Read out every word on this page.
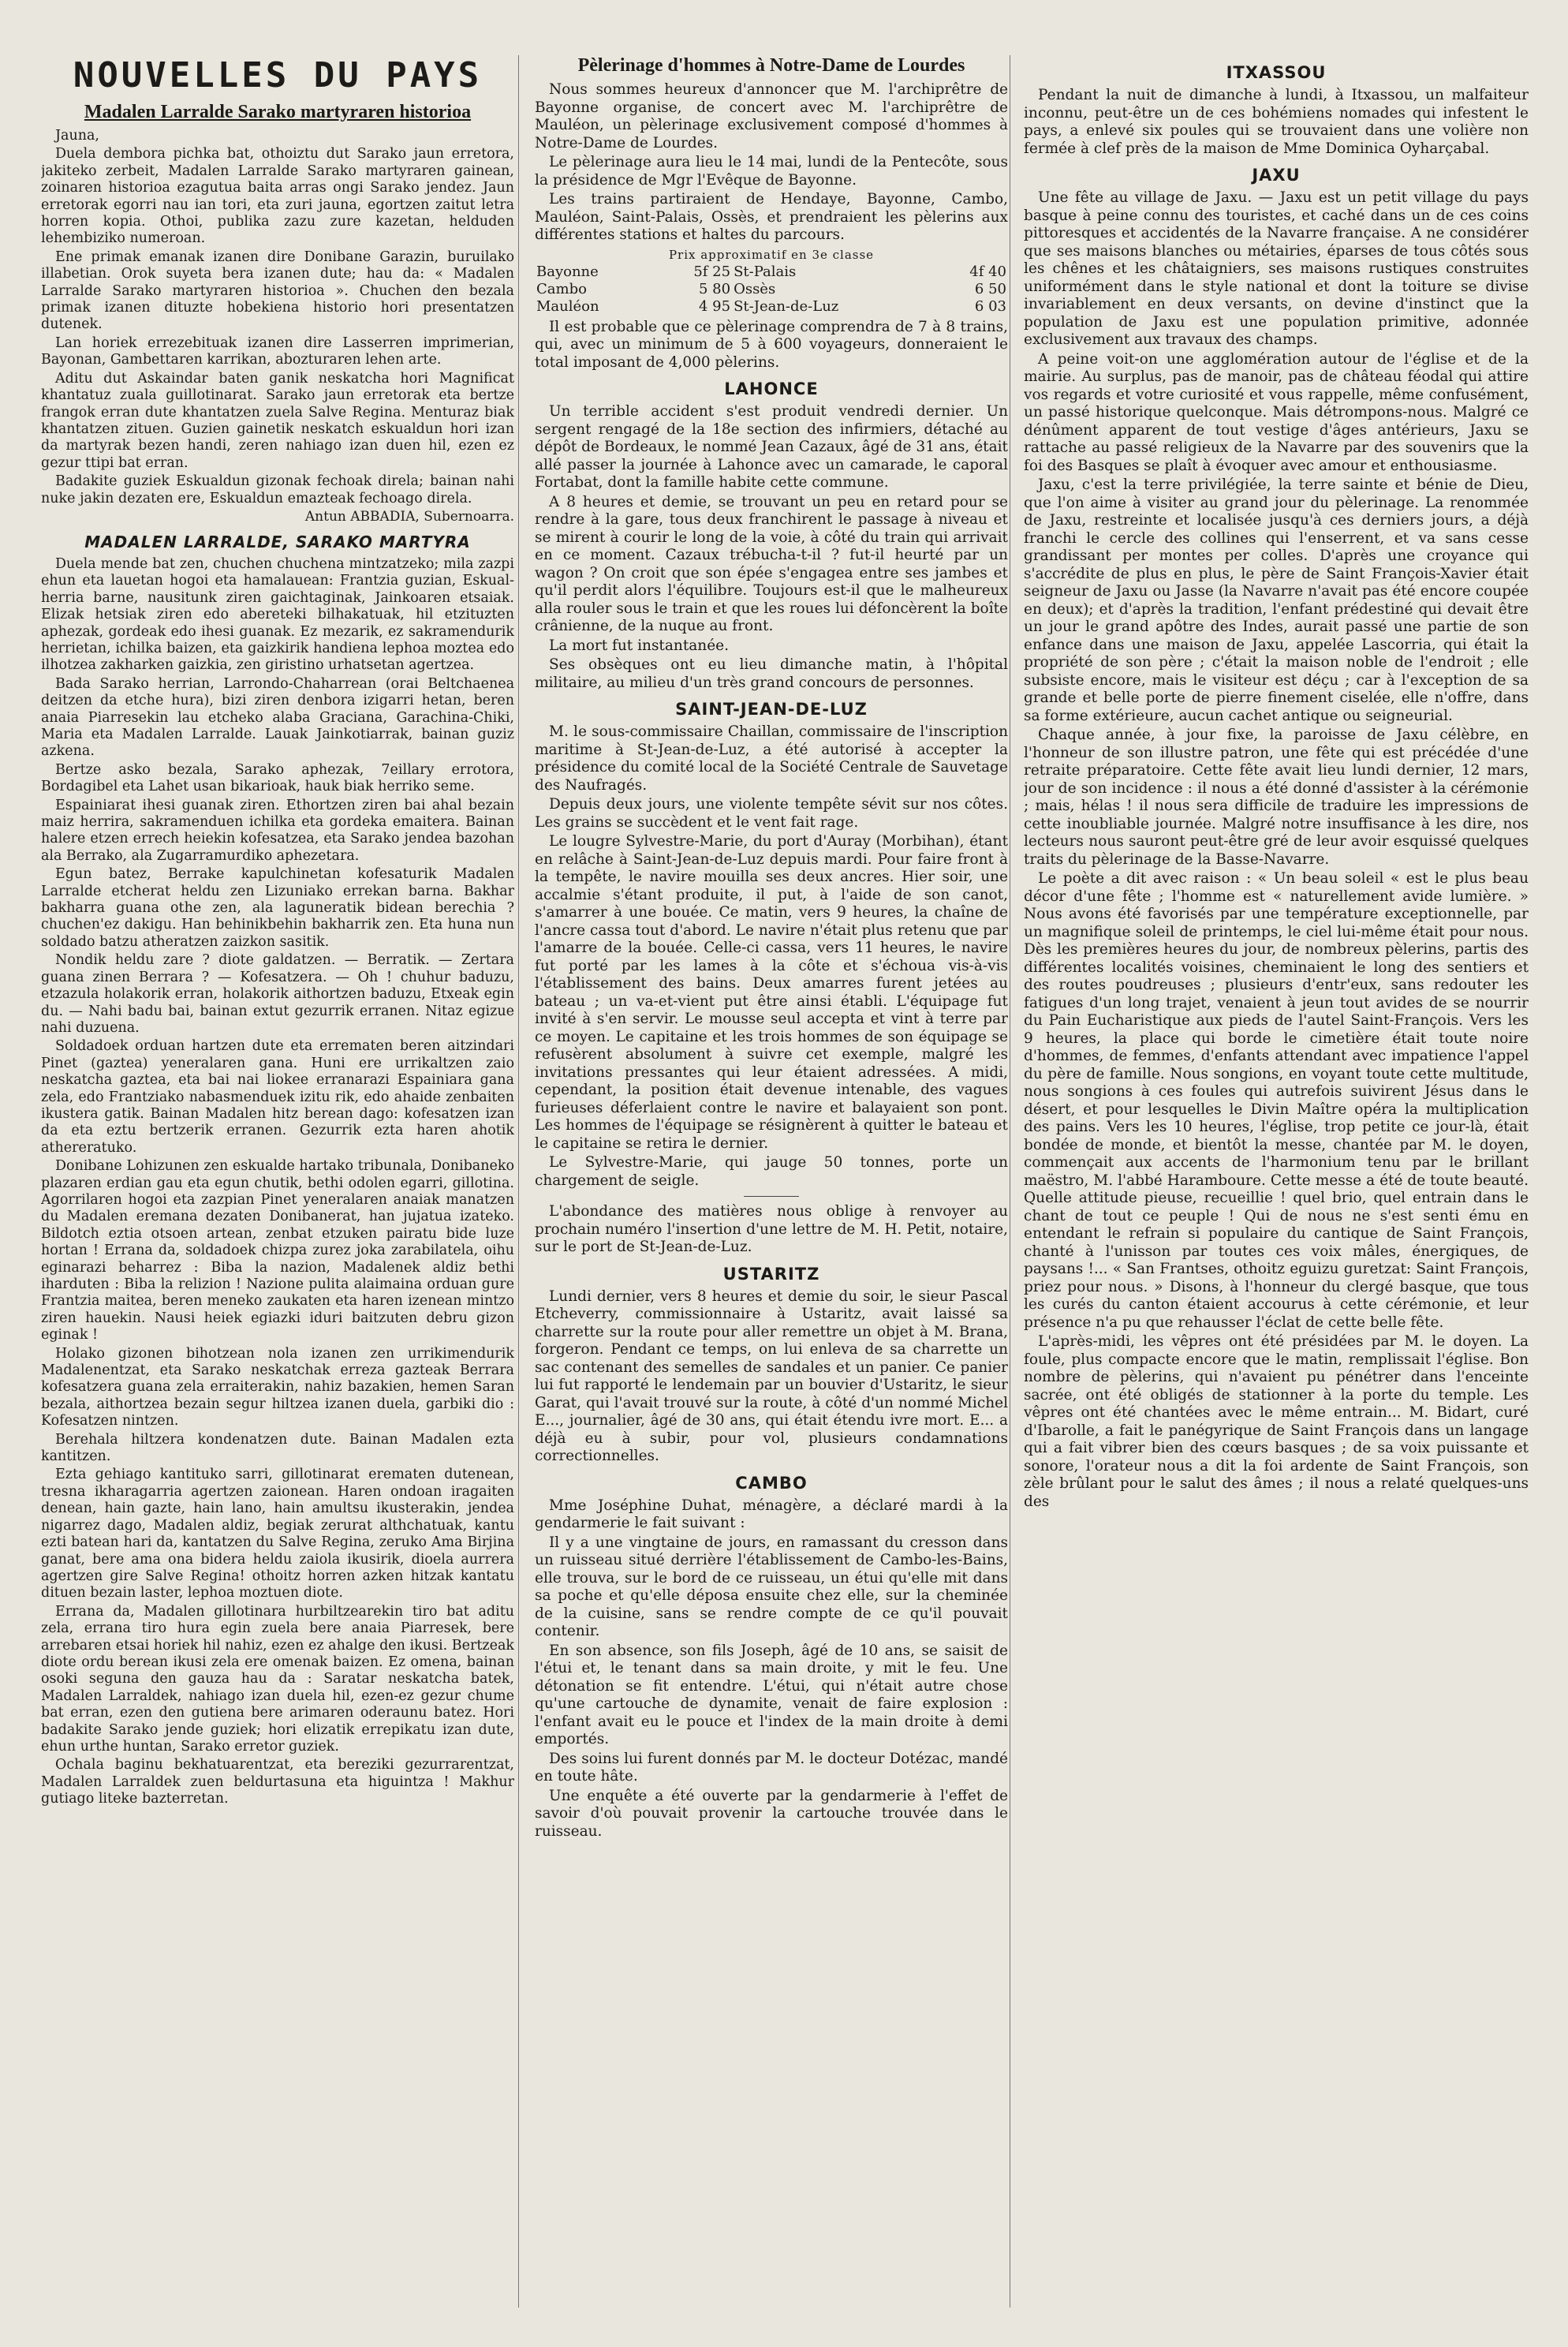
NOUVELLES DU PAYS
Madalen Larralde Sarako martyraren historioa

Jauna,

Duela dembora pichka bat, othoiztu dut Sarako jaun erretora, jakiteko zerbeit, Madalen Larralde Sarako martyraren gainean, zoinaren historioa ezagutua baita arras ongi Sarako jendez. Jaun erretorak egorri nau ian tori, eta zuri jauna, egortzen zaitut letra horren kopia. Othoi, publika zazu zure kazetan, helduden lehembiziko numeroan.

Ene primak emanak izanen dire Donibane Garazin, buruilako illabetian. Orok suyeta bera izanen dute; hau da: « Madalen Larralde Sarako martyraren historioa ». Chuchen den bezala primak izanen dituzte hobekiena historio hori presentatzen dutenek.

Lan horiek errezebituak izanen dire Lasserren imprimerian, Bayonan, Gambettaren karrikan, abozturaren lehen arte.

Aditu dut Askaindar baten ganik neskatcha hori Magnificat khantatuz zuala guillotinarat. Sarako jaun erretorak eta bertze frangok erran dute khantatzen zuela Salve Regina. Menturaz biak khantatzen zituen. Guzien gainetik neskatch eskualdun hori izan da martyrak bezen handi, zeren nahiago izan duen hil, ezen ez gezur ttipi bat erran.

Badakite guziek Eskualdun gizonak fechoak direla; bainan nahi nuke jakin dezaten ere, Eskualdun emazteak fechoago direla.

Antun ABBADIA, Subernoarra.
MADALEN LARRALDE, SARAKO MARTYRA

Duela mende bat zen, chuchen chuchena mintzatzeko; mila zazpi ehun eta lauetan hogoi eta hamalauean: Frantzia guzian, Eskual-herria barne, nausitunk ziren gaichtaginak, Jainkoaren etsaiak. Elizak hetsiak ziren edo abereteki bilhakatuak, hil etzituzten aphezak, gordeak edo ihesi guanak. Ez mezarik, ez sakramendurik herrietan, ichilka baizen, eta gaizkirik handiena lephoa moztea edo ilhotzea zakharken gaizkia, zen giristino urhatsetan agertzea.

Bada Sarako herrian, Larrondo-Chaharrean (orai Beltchaenea deitzen da etche hura), bizi ziren denbora izigarri hetan, beren anaia Piarresekin lau etcheko alaba Graciana, Garachina-Chiki, Maria eta Madalen Larralde. Lauak Jainkotiarrak, bainan guziz azkena.

Bertze asko bezala, Sarako aphezak, 7eillary errotora, Bordagibel eta Lahet usan bikarioak, hauk biak herriko seme.

Espainiarat ihesi guanak ziren. Ethortzen ziren bai ahal bezain maiz herrira, sakramenduen ichilka eta gordeka emaitera. Bainan halere etzen errech heiekin kofesatzea, eta Sarako jendea bazohan ala Berrako, ala Zugarramurdiko aphezetara.

Egun batez, Berrake kapulchinetan kofesaturik Madalen Larralde etcherat heldu zen Lizuniako errekan barna. Bakhar bakharra guana othe zen, ala laguneratik bidean berechia ? chuchen'ez dakigu. Han behinikbehin bakharrik zen. Eta huna nun soldado batzu atheratzen zaizkon sasitik.

Nondik heldu zare ? diote galdatzen. — Berratik. — Zertara guana zinen Berrara ? — Kofesatzera. — Oh ! chuhur baduzu, etzazula holakorik erran, holakorik aithortzen baduzu, Etxeak egin du. — Nahi badu bai, bainan extut gezurrik erranen. Nitaz egizue nahi duzuena.

Soldadoek orduan hartzen dute eta errematen beren aitzindari Pinet (gaztea) yeneralaren gana. Huni ere urrikaltzen zaio neskatcha gaztea, eta bai nai liokee erranarazi Espainiara gana zela, edo Frantziako nabasmenduek izitu rik, edo ahaide zenbaiten ikustera gatik. Bainan Madalen hitz berean dago: kofesatzen izan da eta eztu bertzerik erranen. Gezurrik ezta haren ahotik athereratuko.

Donibane Lohizunen zen eskualde hartako tribunala, Donibaneko plazaren erdian gau eta egun chutik, bethi odolen egarri, gillotina. Agorrilaren hogoi eta zazpian Pinet yeneralaren anaiak manatzen du Madalen eremana dezaten Donibanerat, han jujatua izateko. Bildotch eztia otsoen artean, zenbat etzuken pairatu bide luze hortan ! Errana da, soldadoek chizpa zurez joka zarabilatela, oihu eginarazi beharrez : Biba la nazion, Madalenek aldiz bethi iharduten : Biba la relizion ! Nazione pulita alaimaina orduan gure Frantzia maitea, beren meneko zaukaten eta haren izenean mintzo ziren hauekin. Nausi heiek egiazki iduri baitzuten debru gizon eginak !

Holako gizonen bihotzean nola izanen zen urrikimendurik Madalenentzat, eta Sarako neskatchak erreza gazteak Berrara kofesatzera guana zela erraiterakin, nahiz bazakien, hemen Saran bezala, aithortzea bezain segur hiltzea izanen duela, garbiki dio : Kofesatzen nintzen.

Berehala hiltzera kondenatzen dute. Bainan Madalen ezta kantitzen.

Ezta gehiago kantituko sarri, gillotinarat erematen dutenean, tresna ikharagarria agertzen zaionean. Haren ondoan iragaiten denean, hain gazte, hain lano, hain amultsu ikusterakin, jendea nigarrez dago, Madalen aldiz, begiak zerurat althchatuak, kantu ezti batean hari da, kantatzen du Salve Regina, zeruko Ama Birjina ganat, bere ama ona bidera heldu zaiola ikusirik, dioela aurrera agertzen gire Salve Regina! othoitz horren azken hitzak kantatu dituen bezain laster, lephoa moztuen diote.

Errana da, Madalen gillotinara hurbiltzearekin tiro bat aditu zela, errana tiro hura egin zuela bere anaia Piarresek, bere arrebaren etsai horiek hil nahiz, ezen ez ahalge den ikusi. Bertzeak diote ordu berean ikusi zela ere omenak baizen. Ez omena, bainan osoki seguna den gauza hau da : Saratar neskatcha batek, Madalen Larraldek, nahiago izan duela hil, ezen-ez gezur chume bat erran, ezen den gutiena bere arimaren oderaunu batez. Hori badakite Sarako jende guziek; hori elizatik errepikatu izan dute, ehun urthe huntan, Sarako erretor guziek.

Ochala baginu bekhatuarentzat, eta bereziki gezurrarentzat, Madalen Larraldek zuen beldurtasuna eta higuintza ! Makhur gutiago liteke bazterretan.

Pèlerinage d'hommes à Notre-Dame de Lourdes

Nous sommes heureux d'annoncer que M. l'archiprêtre de Bayonne organise, de concert avec M. l'archiprêtre de Mauléon, un pèlerinage exclusivement composé d'hommes à Notre-Dame de Lourdes.

Le pèlerinage aura lieu le 14 mai, lundi de la Pentecôte, sous la présidence de Mgr l'Evêque de Bayonne.

Les trains partiraient de Hendaye, Bayonne, Cambo, Mauléon, Saint-Palais, Ossès, et prendraient les pèlerins aux différentes stations et haltes du parcours.

Prix approximatif en 3e classe
Bayonne	5f 25	St-Palais	4f 40
Cambo	5 80	Ossès	6 50
Mauléon	4 95	St-Jean-de-Luz	6 03

Il est probable que ce pèlerinage comprendra de 7 à 8 trains, qui, avec un minimum de 5 à 600 voyageurs, donneraient le total imposant de 4,000 pèlerins.

LAHONCE

Un terrible accident s'est produit vendredi dernier. Un sergent rengagé de la 18e section des infirmiers, détaché au dépôt de Bordeaux, le nommé Jean Cazaux, âgé de 31 ans, était allé passer la journée à Lahonce avec un camarade, le caporal Fortabat, dont la famille habite cette commune.

A 8 heures et demie, se trouvant un peu en retard pour se rendre à la gare, tous deux franchirent le passage à niveau et se mirent à courir le long de la voie, à côté du train qui arrivait en ce moment. Cazaux trébucha-t-il ? fut-il heurté par un wagon ? On croit que son épée s'engagea entre ses jambes et qu'il perdit alors l'équilibre. Toujours est-il que le malheureux alla rouler sous le train et que les roues lui défoncèrent la boîte crânienne, de la nuque au front.

La mort fut instantanée.

Ses obsèques ont eu lieu dimanche matin, à l'hôpital militaire, au milieu d'un très grand concours de personnes.

SAINT-JEAN-DE-LUZ

M. le sous-commissaire Chaillan, commissaire de l'inscription maritime à St-Jean-de-Luz, a été autorisé à accepter la présidence du comité local de la Société Centrale de Sauvetage des Naufragés.

Depuis deux jours, une violente tempête sévit sur nos côtes. Les grains se succèdent et le vent fait rage.

Le lougre Sylvestre-Marie, du port d'Auray (Morbihan), étant en relâche à Saint-Jean-de-Luz depuis mardi. Pour faire front à la tempête, le navire mouilla ses deux ancres. Hier soir, une accalmie s'étant produite, il put, à l'aide de son canot, s'amarrer à une bouée. Ce matin, vers 9 heures, la chaîne de l'ancre cassa tout d'abord. Le navire n'était plus retenu que par l'amarre de la bouée. Celle-ci cassa, vers 11 heures, le navire fut porté par les lames à la côte et s'échoua vis-à-vis l'établissement des bains. Deux amarres furent jetées au bateau ; un va-et-vient put être ainsi établi. L'équipage fut invité à s'en servir. Le mousse seul accepta et vint à terre par ce moyen. Le capitaine et les trois hommes de son équipage se refusèrent absolument à suivre cet exemple, malgré les invitations pressantes qui leur étaient adressées. A midi, cependant, la position était devenue intenable, des vagues furieuses déferlaient contre le navire et balayaient son pont. Les hommes de l'équipage se résignèrent à quitter le bateau et le capitaine se retira le dernier.

Le Sylvestre-Marie, qui jauge 50 tonnes, porte un chargement de seigle.

L'abondance des matières nous oblige à renvoyer au prochain numéro l'insertion d'une lettre de M. H. Petit, notaire, sur le port de St-Jean-de-Luz.

USTARITZ

Lundi dernier, vers 8 heures et demie du soir, le sieur Pascal Etcheverry, commissionnaire à Ustaritz, avait laissé sa charrette sur la route pour aller remettre un objet à M. Brana, forgeron. Pendant ce temps, on lui enleva de sa charrette un sac contenant des semelles de sandales et un panier. Ce panier lui fut rapporté le lendemain par un bouvier d'Ustaritz, le sieur Garat, qui l'avait trouvé sur la route, à côté d'un nommé Michel E..., journalier, âgé de 30 ans, qui était étendu ivre mort. E... a déjà eu à subir, pour vol, plusieurs condamnations correctionnelles.

CAMBO

Mme Joséphine Duhat, ménagère, a déclaré mardi à la gendarmerie le fait suivant :

Il y a une vingtaine de jours, en ramassant du cresson dans un ruisseau situé derrière l'établissement de Cambo-les-Bains, elle trouva, sur le bord de ce ruisseau, un étui qu'elle mit dans sa poche et qu'elle déposa ensuite chez elle, sur la cheminée de la cuisine, sans se rendre compte de ce qu'il pouvait contenir.

En son absence, son fils Joseph, âgé de 10 ans, se saisit de l'étui et, le tenant dans sa main droite, y mit le feu. Une détonation se fit entendre. L'étui, qui n'était autre chose qu'une cartouche de dynamite, venait de faire explosion : l'enfant avait eu le pouce et l'index de la main droite à demi emportés.

Des soins lui furent donnés par M. le docteur Dotézac, mandé en toute hâte.

Une enquête a été ouverte par la gendarmerie à l'effet de savoir d'où pouvait provenir la cartouche trouvée dans le ruisseau.

ITXASSOU

Pendant la nuit de dimanche à lundi, à Itxassou, un malfaiteur inconnu, peut-être un de ces bohémiens nomades qui infestent le pays, a enlevé six poules qui se trouvaient dans une volière non fermée à clef près de la maison de Mme Dominica Oyharçabal.

JAXU

Une fête au village de Jaxu. — Jaxu est un petit village du pays basque à peine connu des touristes, et caché dans un de ces coins pittoresques et accidentés de la Navarre française. A ne considérer que ses maisons blanches ou métairies, éparses de tous côtés sous les chênes et les châtaigniers, ses maisons rustiques construites uniformément dans le style national et dont la toiture se divise invariablement en deux versants, on devine d'instinct que la population de Jaxu est une population primitive, adonnée exclusivement aux travaux des champs.

A peine voit-on une agglomération autour de l'église et de la mairie. Au surplus, pas de manoir, pas de château féodal qui attire vos regards et votre curiosité et vous rappelle, même confusément, un passé historique quelconque. Mais détrompons-nous. Malgré ce dénûment apparent de tout vestige d'âges antérieurs, Jaxu se rattache au passé religieux de la Navarre par des souvenirs que la foi des Basques se plaît à évoquer avec amour et enthousiasme.

Jaxu, c'est la terre privilégiée, la terre sainte et bénie de Dieu, que l'on aime à visiter au grand jour du pèlerinage. La renommée de Jaxu, restreinte et localisée jusqu'à ces derniers jours, a déjà franchi le cercle des collines qui l'enserrent, et va sans cesse grandissant per montes per colles. D'après une croyance qui s'accrédite de plus en plus, le père de Saint François-Xavier était seigneur de Jaxu ou Jasse (la Navarre n'avait pas été encore coupée en deux); et d'après la tradition, l'enfant prédestiné qui devait être un jour le grand apôtre des Indes, aurait passé une partie de son enfance dans une maison de Jaxu, appelée Lascorria, qui était la propriété de son père ; c'était la maison noble de l'endroit ; elle subsiste encore, mais le visiteur est déçu ; car à l'exception de sa grande et belle porte de pierre finement ciselée, elle n'offre, dans sa forme extérieure, aucun cachet antique ou seigneurial.

Chaque année, à jour fixe, la paroisse de Jaxu célèbre, en l'honneur de son illustre patron, une fête qui est précédée d'une retraite préparatoire. Cette fête avait lieu lundi dernier, 12 mars, jour de son incidence : il nous a été donné d'assister à la cérémonie ; mais, hélas ! il nous sera difficile de traduire les impressions de cette inoubliable journée. Malgré notre insuffisance à les dire, nos lecteurs nous sauront peut-être gré de leur avoir esquissé quelques traits du pèlerinage de la Basse-Navarre.

Le poète a dit avec raison : « Un beau soleil « est le plus beau décor d'une fête ; l'homme est « naturellement avide lumière. » Nous avons été favorisés par une température exceptionnelle, par un magnifique soleil de printemps, le ciel lui-même était pour nous. Dès les premières heures du jour, de nombreux pèlerins, partis des différentes localités voisines, cheminaient le long des sentiers et des routes poudreuses ; plusieurs d'entr'eux, sans redouter les fatigues d'un long trajet, venaient à jeun tout avides de se nourrir du Pain Eucharistique aux pieds de l'autel Saint-François. Vers les 9 heures, la place qui borde le cimetière était toute noire d'hommes, de femmes, d'enfants attendant avec impatience l'appel du père de famille. Nous songions, en voyant toute cette multitude, nous songions à ces foules qui autrefois suivirent Jésus dans le désert, et pour lesquelles le Divin Maître opéra la multiplication des pains. Vers les 10 heures, l'église, trop petite ce jour-là, était bondée de monde, et bientôt la messe, chantée par M. le doyen, commençait aux accents de l'harmonium tenu par le brillant maëstro, M. l'abbé Haramboure. Cette messe a été de toute beauté. Quelle attitude pieuse, recueillie ! quel brio, quel entrain dans le chant de tout ce peuple ! Qui de nous ne s'est senti ému en entendant le refrain si populaire du cantique de Saint François, chanté à l'unisson par toutes ces voix mâles, énergiques, de paysans !... « San Frantses, othoitz eguizu guretzat: Saint François, priez pour nous. » Disons, à l'honneur du clergé basque, que tous les curés du canton étaient accourus à cette cérémonie, et leur présence n'a pu que rehausser l'éclat de cette belle fête.

L'après-midi, les vêpres ont été présidées par M. le doyen. La foule, plus compacte encore que le matin, remplissait l'église. Bon nombre de pèlerins, qui n'avaient pu pénétrer dans l'enceinte sacrée, ont été obligés de stationner à la porte du temple. Les vêpres ont été chantées avec le même entrain... M. Bidart, curé d'Ibarolle, a fait le panégyrique de Saint François dans un langage qui a fait vibrer bien des cœurs basques ; de sa voix puissante et sonore, l'orateur nous a dit la foi ardente de Saint François, son zèle brûlant pour le salut des âmes ; il nous a relaté quelques-uns des
